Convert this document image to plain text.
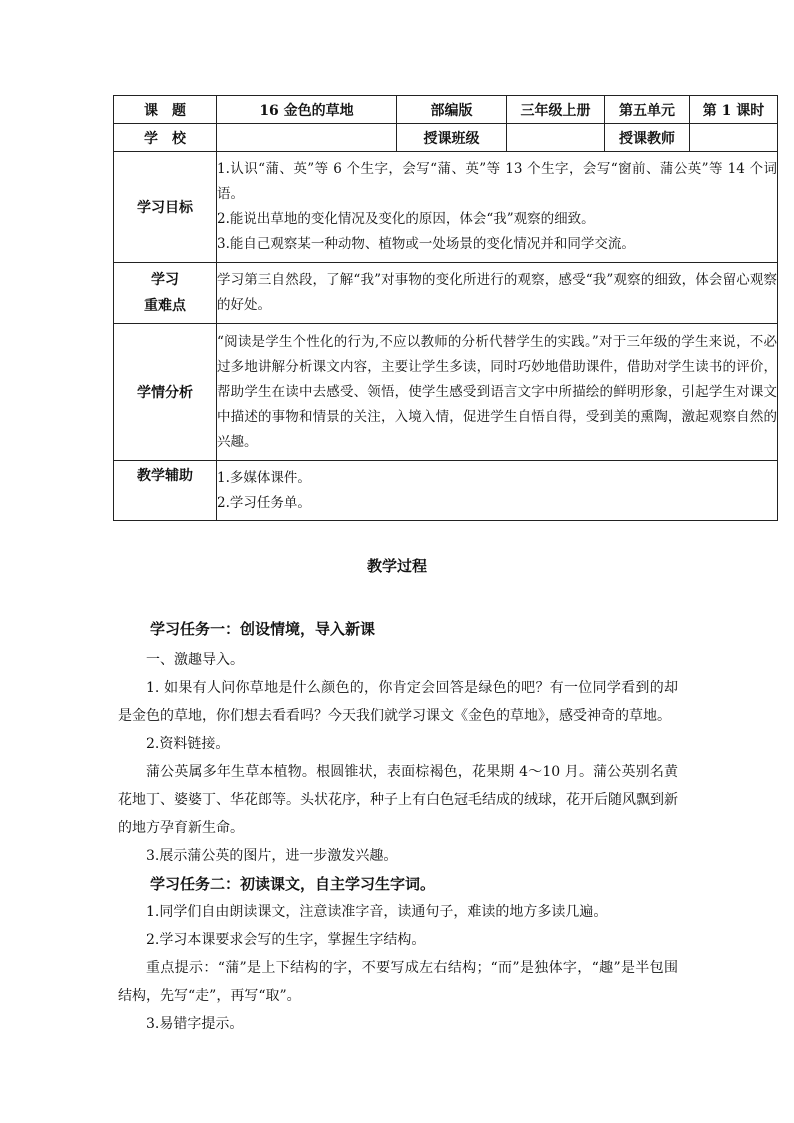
课　题	16 金色的草地	部编版	三年级上册	第五单元	第 1 课时
学　校		授课班级		授课教师	
学习目标	1.认识“蒲、英”等 6 个生字，会写“蒲、英”等 13 个生字，会写“窗前、蒲公英”等 14 个词语。

2.能说出草地的变化情况及变化的原因，体会“我”观察的细致。

3.能自己观察某一种动物、植物或一处场景的变化情况并和同学交流。				

学习
重难点	学习第三自然段，了解“我”对事物的变化所进行的观察，感受“我”观察的细致，体会留心观察的好处。				
学情分析	“阅读是学生个性化的行为,不应以教师的分析代替学生的实践。”对于三年级的学生来说，不必过多地讲解分析课文内容，主要让学生多读，同时巧妙地借助课件，借助对学生读书的评价，帮助学生在读中去感受、领悟，使学生感受到语言文字中所描绘的鲜明形象，引起学生对课文中描述的事物和情景的关注，入境入情，促进学生自悟自得，受到美的熏陶，激起观察自然的兴趣。				
教学辅助	1.多媒体课件。

2.学习任务单。				

教学过程

学习任务一：创设情境，导入新课

一、激趣导入。

1. 如果有人问你草地是什么颜色的，你肯定会回答是绿色的吧？有一位同学看到的却是金色的草地，你们想去看看吗？今天我们就学习课文《金色的草地》，感受神奇的草地。

2.资料链接。

蒲公英属多年生草本植物。根圆锥状，表面棕褐色，花果期 4～10 月。蒲公英别名黄花地丁、婆婆丁、华花郎等。头状花序，种子上有白色冠毛结成的绒球，花开后随风飘到新的地方孕育新生命。

3.展示蒲公英的图片，进一步激发兴趣。

学习任务二：初读课文，自主学习生字词。

1.同学们自由朗读课文，注意读准字音，读通句子，难读的地方多读几遍。

2.学习本课要求会写的生字，掌握生字结构。

重点提示：“蒲”是上下结构的字，不要写成左右结构；“而”是独体字，“趣”是半包围结构，先写“走”，再写“取”。

3.易错字提示。
